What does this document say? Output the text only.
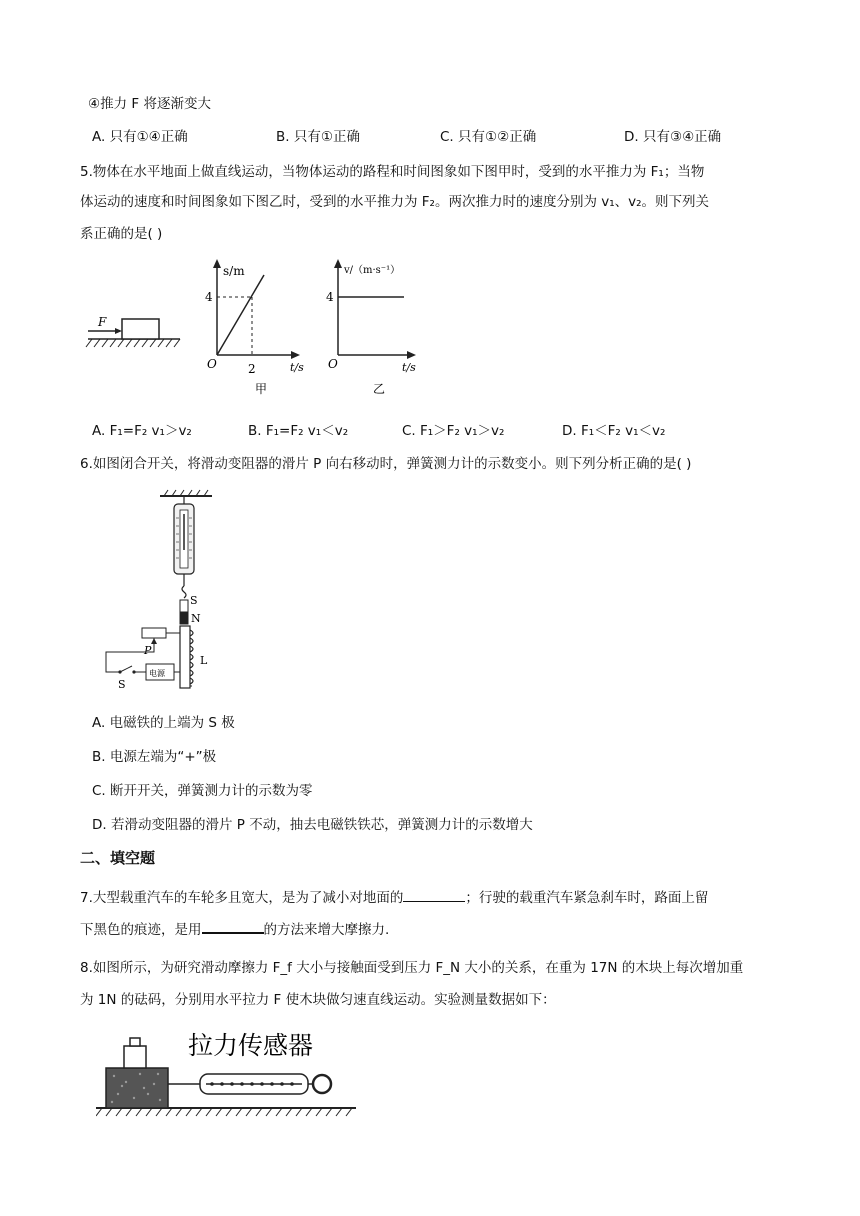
④推力 F 将逐渐变大
A. 只有①④正确	B. 只有①正确	C. 只有①②正确	D. 只有③④正确
5.物体在水平地面上做直线运动，当物体运动的路程和时间图象如下图甲时，受到的水平推力为 F₁；当物
体运动的速度和时间图象如下图乙时，受到的水平推力为 F₂。两次推力时的速度分别为 v₁、v₂。则下列关
系正确的是( )
F
s/m
4
O	2	t/s
甲
v/（m·s⁻¹）
4
O	t/s
乙
A. F₁=F₂ v₁＞v₂	B. F₁=F₂ v₁＜v₂	C. F₁＞F₂ v₁＞v₂	D. F₁＜F₂ v₁＜v₂
6.如图闭合开关，将滑动变阻器的滑片 P 向右移动时，弹簧测力计的示数变小。则下列分析正确的是( )
S
N
L
P
S
电源
A. 电磁铁的上端为 S 极
B. 电源左端为“+”极
C. 断开开关，弹簧测力计的示数为零
D. 若滑动变阻器的滑片 P 不动，抽去电磁铁铁芯，弹簧测力计的示数增大
二、填空题
7.大型载重汽车的车轮多且宽大，是为了减小对地面的	；行驶的载重汽车紧急刹车时，路面上留
下黑色的痕迹，是用	的方法来增大摩擦力.
8.如图所示，为研究滑动摩擦力 F_f 大小与接触面受到压力 F_N 大小的关系，在重为 17N 的木块上每次增加重
为 1N 的砝码，分别用水平拉力 F 使木块做匀速直线运动。实验测量数据如下：
拉力传感器
